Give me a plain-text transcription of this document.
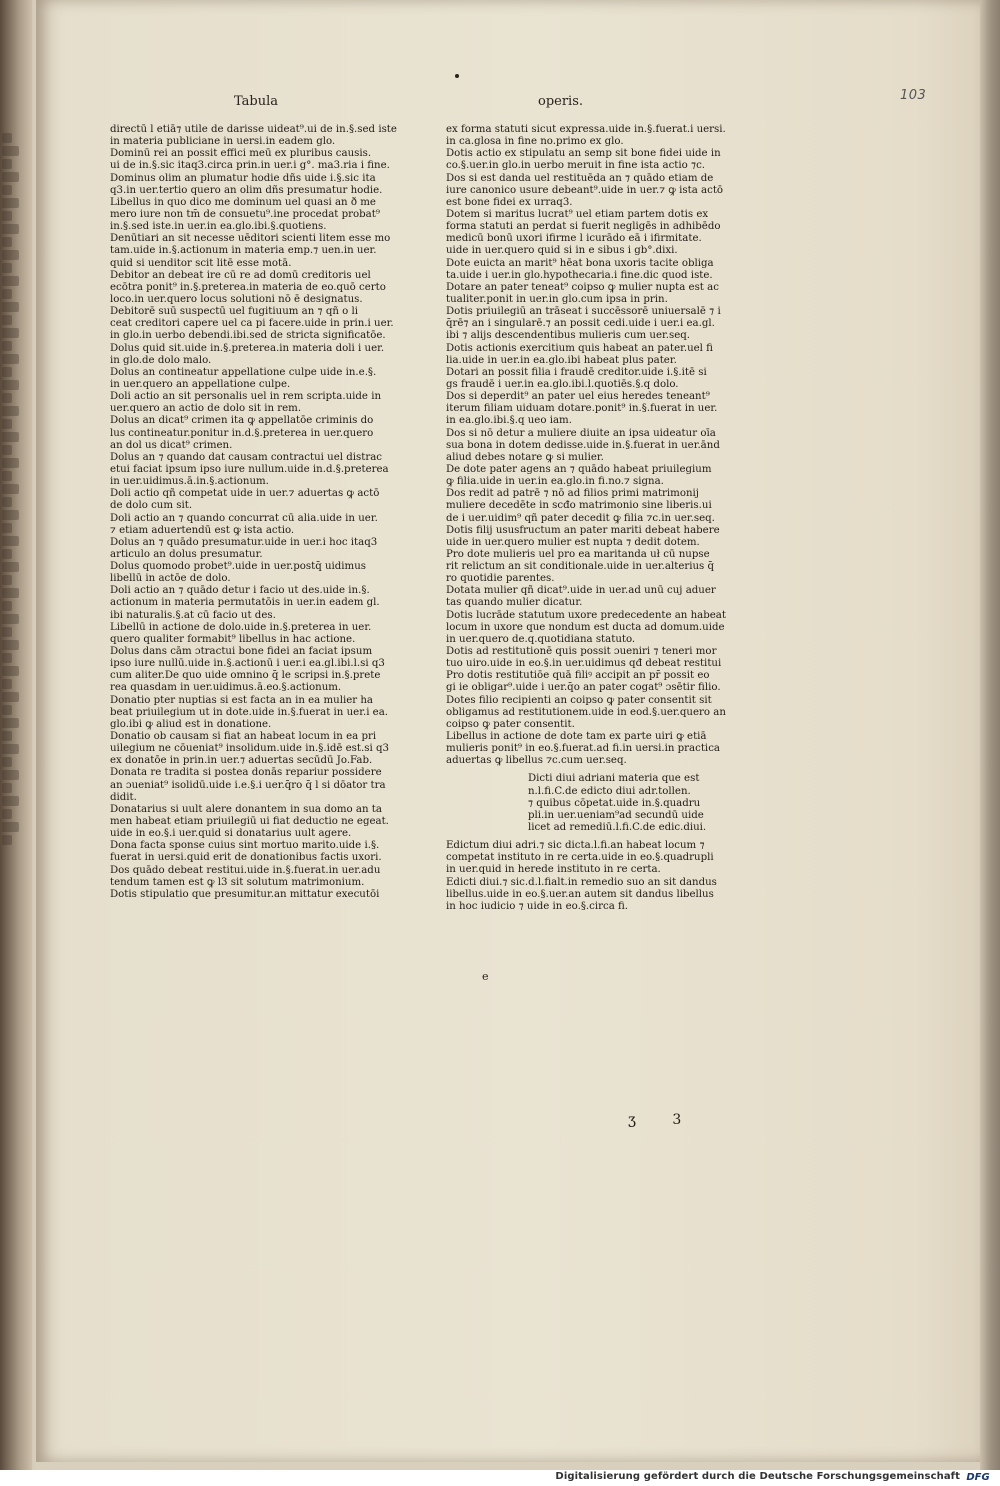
103
Tabula	operis.
directū l etiā⁊ utile de darisse uideat⁹.ui de in.§.sed iste
in materia publiciane in uersi.in eadem glo.
Dominū rei an possit effici meū ex pluribus causis.
ui de in.§.sic itaq3.circa prin.in uer.i g°. ma3.ria i fine.
Dominus olim an plumatur hodie dñs uide i.§.sic ita
q3.in uer.tertio quero an olim dñs presumatur hodie.
Libellus in quo dico me dominum uel quasi an ð me
mero iure non tm̄ de consuetu⁹.ine procedat probat⁹
in.§.sed iste.in uer.in ea.glo.ibi.§.quotiens.
Denūtiari an sit necesse uēditori scienti litem esse mo
tam.uide in.§.actionum in materia emp.⁊ uen.in uer.
quid si uenditor scit litē esse motā.
Debitor an debeat ire cū re ad domū creditoris uel
ecōtra ponit⁹ in.§.preterea.in materia de eo.quō certo
loco.in uer.quero locus solutioni nō ē designatus.
Debitorē suū suspectū uel fugitiuum an ⁊ qñ o li
ceat creditori capere uel ca pi facere.uide in prin.i uer.
in glo.in uerbo debendi.ibi.sed de stricta significatōe.
Dolus quid sit.uide in.§.preterea.in materia doli i uer.
in glo.de dolo malo.
Dolus an contineatur appellatione culpe uide in.e.§.
in uer.quero an appellatione culpe.
Doli actio an sit personalis uel in rem scripta.uide in
uer.quero an actio de dolo sit in rem.
Dolus an dicat⁹ crimen ita ꝙ appellatōe criminis do
lus contineatur.ponitur in.d.§.preterea in uer.quero
an dol us dicat⁹ crimen.
Dolus an ⁊ quando dat causam contractui uel distrac
etui faciat ipsum ipso iure nullum.uide in.d.§.preterea
in uer.uidimus.ā.in.§.actionum.
Doli actio qñ competat uide in uer.⁊ aduertas ꝙ actō
de dolo cum sit.
Doli actio an ⁊ quando concurrat cū alia.uide in uer.
⁊ etiam aduertendū est ꝙ ista actio.
Dolus an ⁊ quādo presumatur.uide in uer.i hoc itaq3
articulo an dolus presumatur.
Dolus quomodo probet⁹.uide in uer.postq̄ uidimus
libellū in actōe de dolo.
Doli actio an ⁊ quādo detur i facio ut des.uide in.§.
actionum in materia permutatōis in uer.in eadem gl.
ibi naturalis.§.at cū facio ut des.
Libellū in actione de dolo.uide in.§.preterea in uer.
quero qualiter formabit⁹ libellus in hac actione.
Dolus dans cām ɔtractui bone fidei an faciat ipsum
ipso iure nullū.uide in.§.actionū i uer.i ea.gl.ibi.l.si q3
cum aliter.De quo uide omnino q̄ le scripsi in.§.prete
rea quasdam in uer.uidimus.ā.eo.§.actionum.
Donatio pter nuptias si est facta an in ea mulier ha
beat priuilegium ut in dote.uide in.§.fuerat in uer.i ea.
glo.ibi ꝙ aliud est in donatione.
Donatio ob causam si fiat an habeat locum in ea pri
uilegium ne cōueniat⁹ insolidum.uide in.§.idē est.si q3
ex donatōe in prin.in uer.⁊ aduertas secūdū Jo.Fab.
Donata re tradita si postea donās repariur possidere
an ɔueniat⁹ isolidū.uide i.e.§.i uer.q̄ro q̄ l si dōator tra
didit.
Donatarius si uult alere donantem in sua domo an ta
men habeat etiam priuilegiū ui fiat deductio ne egeat.
uide in eo.§.i uer.quid si donatarius uult agere.
Dona facta sponse cuius sint mortuo marito.uide i.§.
fuerat in uersi.quid erit de donationibus factis uxori.
Dos quādo debeat restitui.uide in.§.fuerat.in uer.adu
tendum tamen est ꝙ l3 sit solutum matrimonium.
Dotis stipulatio que presumitur.an mittatur executōi
ex forma statuti sicut expressa.uide in.§.fuerat.i uersi.
in ca.glosa in fine no.primo ex glo.
Dotis actio ex stipulatu an semp sit bone fidei uide in
co.§.uer.in glo.in uerbo meruit in fine ista actio ⁊c.
Dos si est danda uel restituēda an ⁊ quādo etiam de
iure canonico usure debeant⁹.uide in uer.⁊ ꝙ ista actō
est bone fidei ex urraq3.
Dotem si maritus lucrat⁹ uel etiam partem dotis ex
forma statuti an perdat si fuerit negligēs in adhibēdo
medicū bonū uxori ifirme l icurādo eā i ifirmitate.
uide in uer.quero quid si in e sibus i gb°.dixi.
Dote euicta an marit⁹ hēat bona uxoris tacite obliga
ta.uide i uer.in glo.hypothecaria.i fine.dic quod iste.
Dotare an pater teneat⁹ coipso ꝙ mulier nupta est ac
tualiter.ponit in uer.in glo.cum ipsa in prin.
Dotis priuilegiū an trāseat i succēssorē uniuersalē ⁊ i
q̄rē⁊ an i singularē.⁊ an possit cedi.uide i uer.i ea.gl.
ibi ⁊ alijs descendentibus mulieris cum uer.seq.
Dotis actionis exercitium quis habeat an pater.uel fi
lia.uide in uer.in ea.glo.ibi habeat plus pater.
Dotari an possit filia i fraudē creditor.uide i.§.itē si
gs fraudē i uer.in ea.glo.ibi.l.quotiēs.§.q dolo.
Dos si deperdit⁹ an pater uel eius heredes teneant⁹
iterum filiam uiduam dotare.ponit⁹ in.§.fuerat in uer.
in ea.glo.ibi.§.q ueo iam.
Dos si nō detur a muliere diuite an ipsa uideatur oīa
sua bona in dotem dedisse.uide in.§.fuerat in uer.ānd
aliud debes notare ꝙ si mulier.
De dote pater agens an ⁊ quādo habeat priuilegium
ꝙ filia.uide in uer.in ea.glo.in fi.no.⁊ signa.
Dos redit ad patrē ⁊ nō ad filios primi matrimonij
muliere decedēte in scđo matrimonio sine liberis.ui
de i uer.uidim⁹ qñ pater decedit ꝙ filia ⁊c.in uer.seq.
Dotis filij ususfructum an pater mariti debeat habere
uide in uer.quero mulier est nupta ⁊ dedit dotem.
Pro dote mulieris uel pro ea maritanda uł cū nupse
rit relictum an sit conditionale.uide in uer.alterius q̄
ro quotidie parentes.
Dotata mulier qñ dicat⁹.uide in uer.ad unū cuj aduer
tas quando mulier dicatur.
Dotis lucrāde statutum uxore predecedente an habeat
locum in uxore que nondum est ducta ad domum.uide
in uer.quero de.q.quotidiana statuto.
Dotis ad restitutionē quis possit ɔueniri ⁊ teneri mor
tuo uiro.uide in eo.§.in uer.uidimus qđ debeat restitui
Pro dotis restitutiōe quā filiꝰ accipit an pr̄ possit eo
gi ie obligar⁹.uide i uer.q̄o an pater cogat⁹ ɔsētir filio.
Dotes filio recipienti an coipso ꝙ pater consentit sit
obligamus ad restitutionem.uide in eod.§.uer.quero an
coipso ꝙ pater consentit.
Libellus in actione de dote tam ex parte uiri ꝙ etiā
mulieris ponit⁹ in eo.§.fuerat.ad fi.in uersi.in practica
aduertas ꝙ libellus ⁊c.cum uer.seq.
Dicti diui adriani materia que est
n.l.fi.C.de edicto diui adr.tollen.
⁊ quibus cōpetat.uide in.§.quadru
pli.in uer.ueniam⁹ad secundū uide
licet ad remediū.l.fi.C.de edic.diui.
Edictum diui adri.⁊ sic dicta.l.fi.an habeat locum ⁊
competat instituto in re certa.uide in eo.§.quadrupli
in uer.quid in herede instituto in re certa.
Edicti diui.⁊ sic.d.l.fialt.in remedio suo an sit dandus
libellus.uide in eo.§.uer.an autem sit dandus libellus
in hoc iudicio ⁊ uide in eo.§.circa fi.
e
ʒ 3
Digitalisierung gefördert durch die Deutsche Forschungsgemeinschaft DFG
